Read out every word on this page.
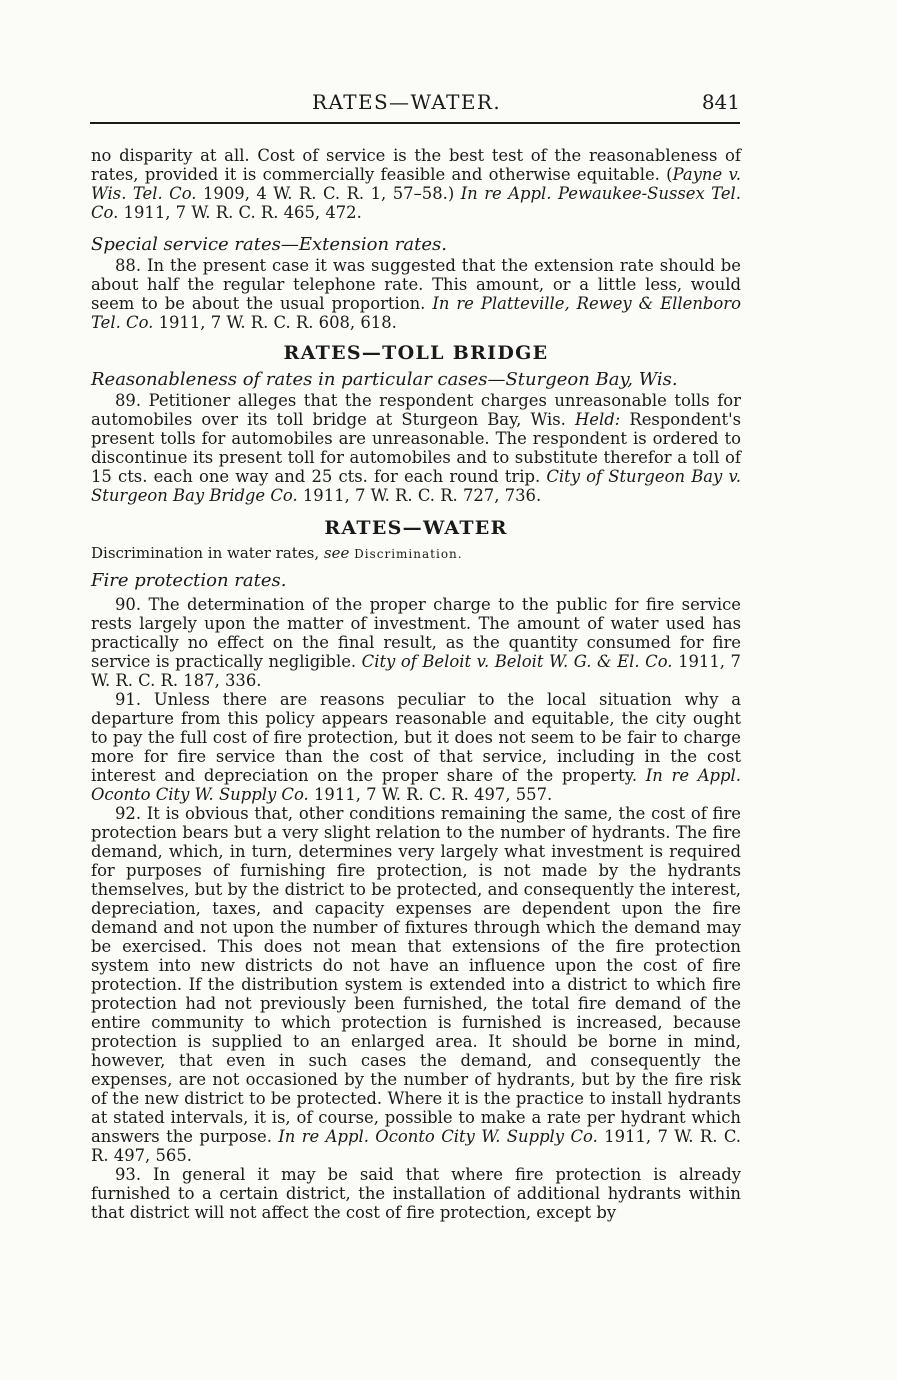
RATES—WATER.	841

no disparity at all. Cost of service is the best test of the reasonableness of rates, provided it is commercially feasible and otherwise equitable. (Payne v. Wis. Tel. Co. 1909, 4 W. R. C. R. 1, 57–58.) In re Appl. Pewaukee-Sussex Tel. Co. 1911, 7 W. R. C. R. 465, 472.

Special service rates—Extension rates.

88. In the present case it was suggested that the extension rate should be about half the regular telephone rate. This amount, or a little less, would seem to be about the usual proportion. In re Platteville, Rewey & Ellenboro Tel. Co. 1911, 7 W. R. C. R. 608, 618.

RATES—TOLL BRIDGE

Reasonableness of rates in particular cases—Sturgeon Bay, Wis.

89. Petitioner alleges that the respondent charges unreasonable tolls for automobiles over its toll bridge at Sturgeon Bay, Wis. Held: Respondent's present tolls for automobiles are unreasonable. The respondent is ordered to discontinue its present toll for automobiles and to substitute therefor a toll of 15 cts. each one way and 25 cts. for each round trip. City of Sturgeon Bay v. Sturgeon Bay Bridge Co. 1911, 7 W. R. C. R. 727, 736.

RATES—WATER

Discrimination in water rates, see Discrimination.

Fire protection rates.

90. The determination of the proper charge to the public for fire service rests largely upon the matter of investment. The amount of water used has practically no effect on the final result, as the quantity consumed for fire service is practically negligible. City of Beloit v. Beloit W. G. & El. Co. 1911, 7 W. R. C. R. 187, 336.

91. Unless there are reasons peculiar to the local situation why a departure from this policy appears reasonable and equitable, the city ought to pay the full cost of fire protection, but it does not seem to be fair to charge more for fire service than the cost of that service, including in the cost interest and depreciation on the proper share of the property. In re Appl. Oconto City W. Supply Co. 1911, 7 W. R. C. R. 497, 557.

92. It is obvious that, other conditions remaining the same, the cost of fire protection bears but a very slight relation to the number of hydrants. The fire demand, which, in turn, determines very largely what investment is required for purposes of furnishing fire protection, is not made by the hydrants themselves, but by the district to be protected, and consequently the interest, depreciation, taxes, and capacity expenses are dependent upon the fire demand and not upon the number of fixtures through which the demand may be exercised. This does not mean that extensions of the fire protection system into new districts do not have an influence upon the cost of fire protection. If the distribution system is extended into a district to which fire protection had not previously been furnished, the total fire demand of the entire community to which protection is furnished is increased, because protection is supplied to an enlarged area. It should be borne in mind, however, that even in such cases the demand, and consequently the expenses, are not occasioned by the number of hydrants, but by the fire risk of the new district to be protected. Where it is the practice to install hydrants at stated intervals, it is, of course, possible to make a rate per hydrant which answers the purpose. In re Appl. Oconto City W. Supply Co. 1911, 7 W. R. C. R. 497, 565.

93. In general it may be said that where fire protection is already furnished to a certain district, the installation of additional hydrants within that district will not affect the cost of fire protection, except by
